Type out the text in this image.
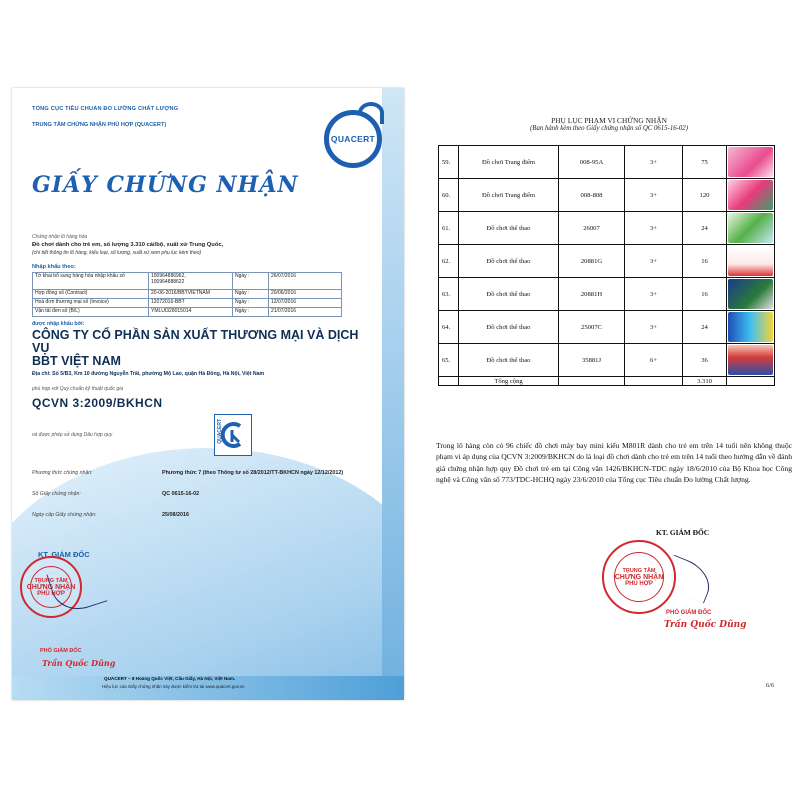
QUACERT
TỔNG CỤC TIÊU CHUẨN ĐO LƯỜNG CHẤT LƯỢNG
TRUNG TÂM CHỨNG NHẬN PHÙ HỢP (QUACERT)
GIẤY CHỨNG NHẬN
Chứng nhận lô hàng hóa
Đồ chơi dành cho trẻ em, số lượng 3.310 cái/bộ, xuất xứ Trung Quốc,
(chi tiết thông tin lô hàng, kiểu loại, số lượng, xuất xứ xem phụ lục kèm theo)
Nhập khẩu theo:
Tờ khai bổ sung hàng hóa nhập khẩu số	100964886962,
100964888622	Ngày :	26/07/2016
Hợp đồng số (Contract)	20-06-2016/BBTVIETNAM	Ngày :	20/06/2016
Hoá đơn thương mại số (Invoice)	12072016-BBT	Ngày :	12/07/2016
Vận tải đơn số (B/L)	YMLUI328015014	Ngày :	21/07/2016
được nhập khẩu bởi:
CÔNG TY CỔ PHẦN SẢN XUẤT THƯƠNG MẠI VÀ DỊCH VỤ
BBT VIỆT NAM
Địa chỉ: Số 5/B3, Km 10 đường Nguyễn Trãi, phường Mộ Lao, quận Hà Đông, Hà Nội, Việt Nam
phù hợp với Quy chuẩn kỹ thuật quốc gia
QCVN 3:2009/BKHCN
và được phép sử dụng Dấu hợp quy	QUACERT
Phương thức chứng nhận:	Phương thức 7 (theo Thông tư số 28/2012/TT-BKHCN ngày 12/12/2012)
Số Giấy chứng nhận:	QC 0615-16-02
Ngày cấp Giấy chứng nhận:	25/08/2016
KT. GIÁM ĐỐC
TRUNG TÂM
CHỨNG NHẬN
PHÙ HỢP
PHÓ GIÁM ĐỐC
Trần Quốc Dũng
QUACERT – 8 Hoàng Quốc Việt, Cầu Giấy, Hà Nội, Việt Nam.
Hiệu lực của Giấy chứng nhận này được kiểm tra tại www.quacert.gov.vn
PHỤ LỤC PHẠM VI CHỨNG NHẬN
(Ban hành kèm theo Giấy chứng nhận số QC 0615-16-02)
59.	Đồ chơi Trang điểm	008-95A	3+	75	

60.	Đồ chơi Trang điểm	008-808	3+	120	

61.	Đồ chơi thể thao	26007	3+	24	

62.	Đồ chơi thể thao	20881G	3+	16	

63.	Đồ chơi thể thao	20881H	3+	16	

64.	Đồ chơi thể thao	25007C	3+	24	

65.	Đồ chơi thể thao	35881J	6+	36	

	Tổng cộng			3.310	
Trong lô hàng còn có 96 chiếc đồ chơi máy bay mini kiểu M801R dành cho trẻ em trên 14 tuổi nên không thuộc phạm vi áp dụng của QCVN 3:2009/BKHCN do là loại đồ chơi dành cho trẻ em trên 14 tuổi theo hướng dẫn về đánh giá chứng nhận hợp quy Đồ chơi trẻ em tại Công văn 1426/BKHCN-TDC ngày 18/6/2010 của Bộ Khoa học Công nghệ và Công văn số 773/TDC-HCHQ ngày 23/6/2010 của Tổng cục Tiêu chuẩn Đo lường Chất lượng.
KT. GIÁM ĐỐC
TRUNG TÂM
CHỨNG NHẬN
PHÙ HỢP
PHÓ GIÁM ĐỐC
Trần Quốc Dũng
6/6
